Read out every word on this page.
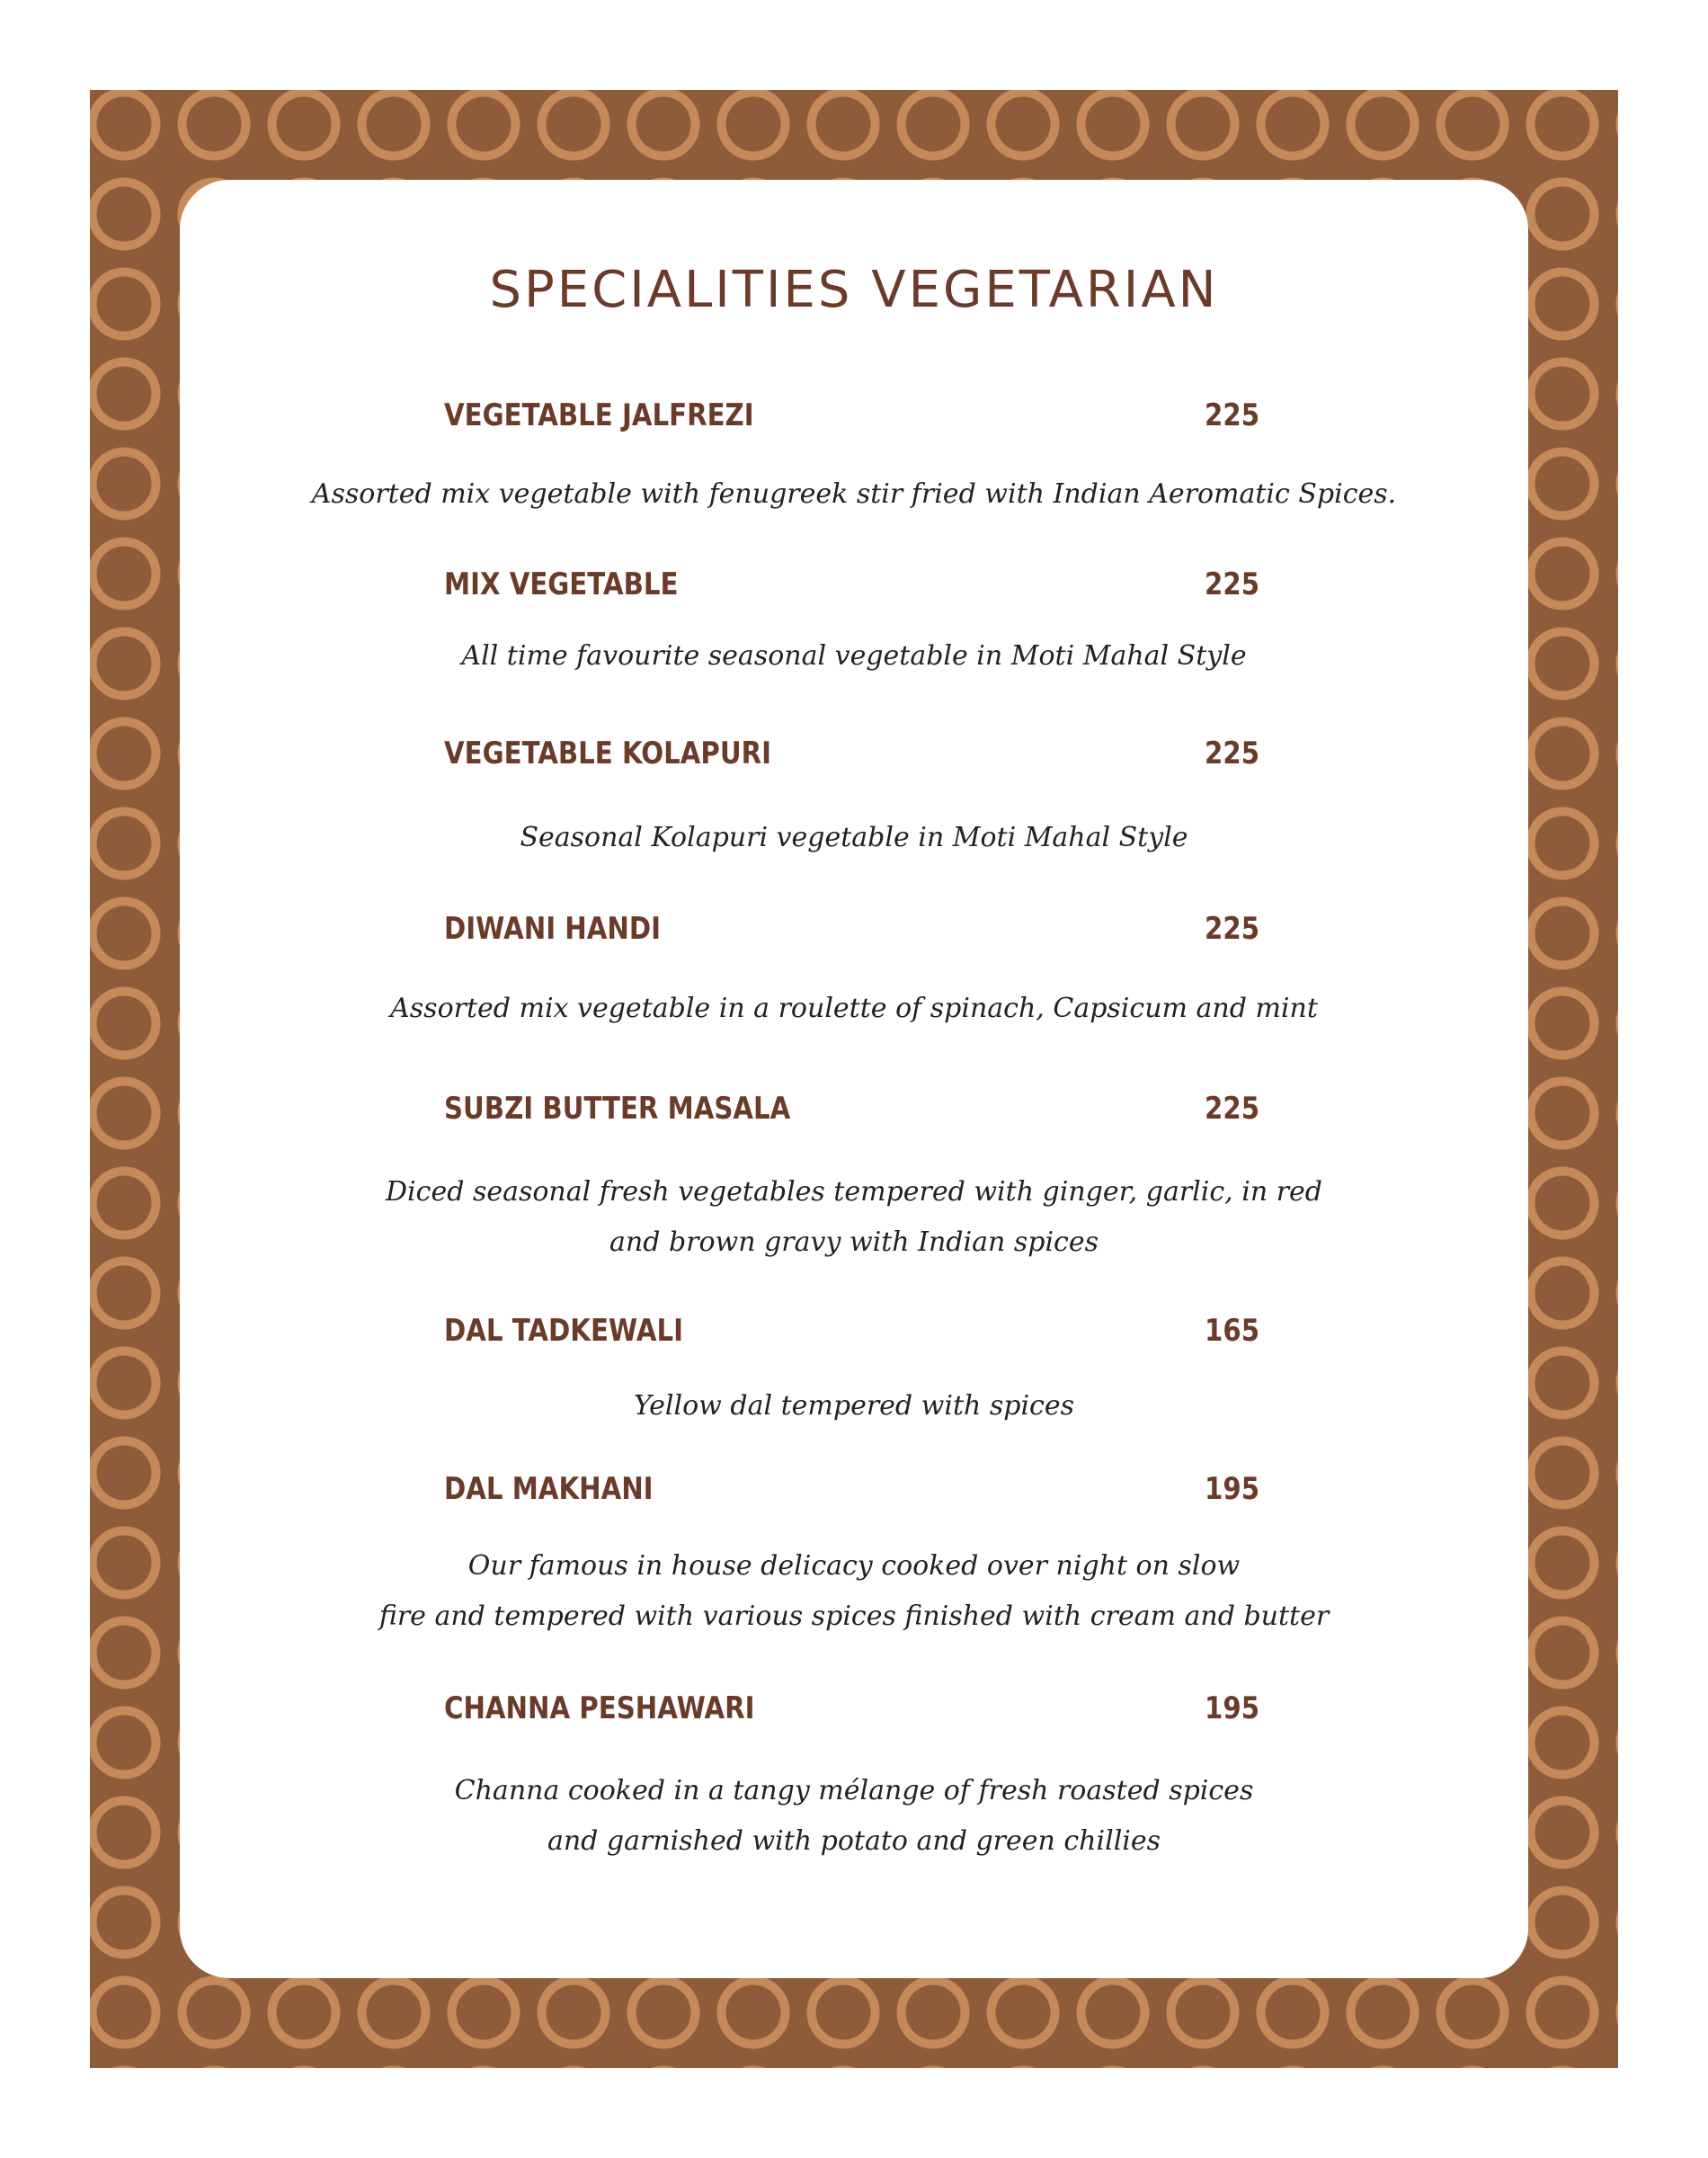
SPECIALITIES VEGETARIAN
VEGETABLE JALFREZI	225
Assorted mix vegetable with fenugreek stir fried with Indian Aeromatic Spices.
MIX VEGETABLE	225
All time favourite seasonal vegetable in Moti Mahal Style
VEGETABLE KOLAPURI	225
Seasonal Kolapuri vegetable in Moti Mahal Style
DIWANI HANDI	225
Assorted mix vegetable in a roulette of spinach, Capsicum and mint
SUBZI BUTTER MASALA	225
Diced seasonal fresh vegetables tempered with ginger, garlic, in red
and brown gravy with Indian spices
DAL TADKEWALI	165
Yellow dal tempered with spices
DAL MAKHANI	195
Our famous in house delicacy cooked over night on slow
fire and tempered with various spices finished with cream and butter
CHANNA PESHAWARI	195
Channa cooked in a tangy mélange of fresh roasted spices
and garnished with potato and green chillies
